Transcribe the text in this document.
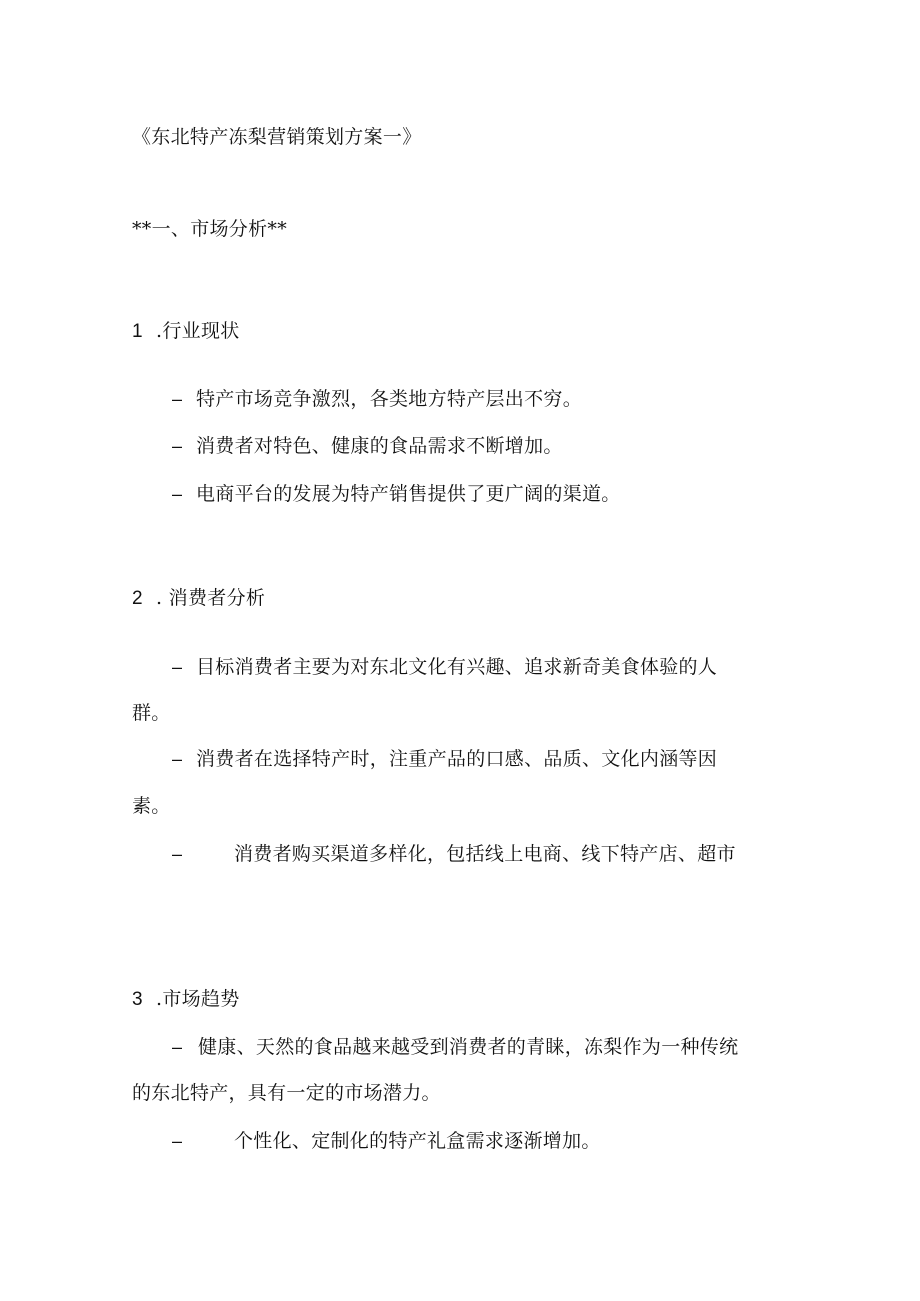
《东北特产冻梨营销策划方案一》
**一、市场分析**
1 .行业现状
– 特产市场竞争激烈，各类地方特产层出不穷。
– 消费者对特色、健康的食品需求不断增加。
– 电商平台的发展为特产销售提供了更广阔的渠道。
2 . 消费者分析
– 目标消费者主要为对东北文化有兴趣、追求新奇美食体验的人
群。
– 消费者在选择特产时，注重产品的口感、品质、文化内涵等因
素。
–	消费者购买渠道多样化，包括线上电商、线下特产店、超市
3 .市场趋势
– 健康、天然的食品越来越受到消费者的青睐，冻梨作为一种传统
的东北特产，具有一定的市场潜力。
–	个性化、定制化的特产礼盒需求逐渐增加。
